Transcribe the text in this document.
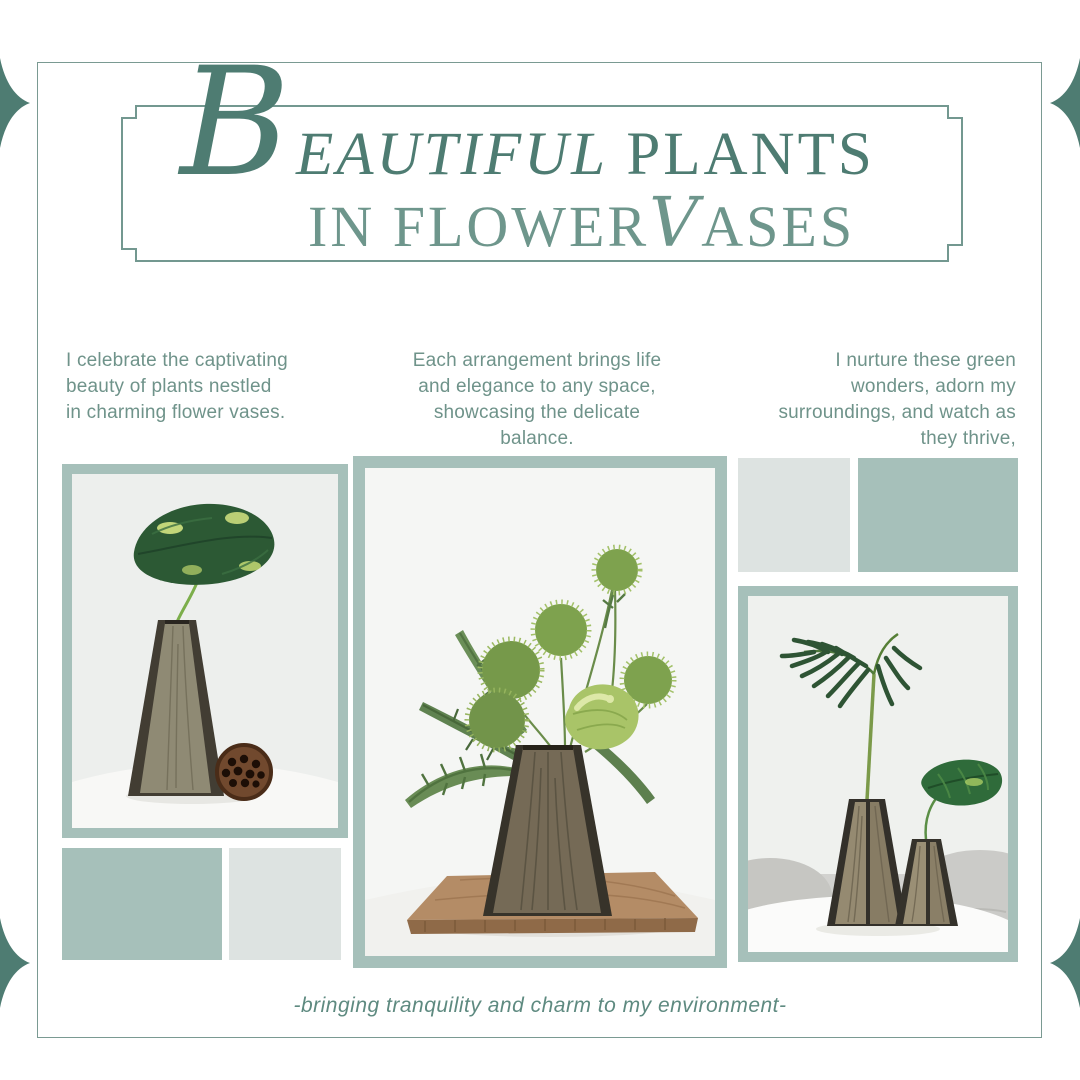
B EAUTIFUL PLANTS
IN FLOWERVASES
I celebrate the captivating beauty of plants nestled in charming flower vases.
Each arrangement brings life and elegance to any space, showcasing the delicate balance.
I nurture these green wonders, adorn my surroundings, and watch as they thrive,
-bringing tranquility and charm to my environment-
